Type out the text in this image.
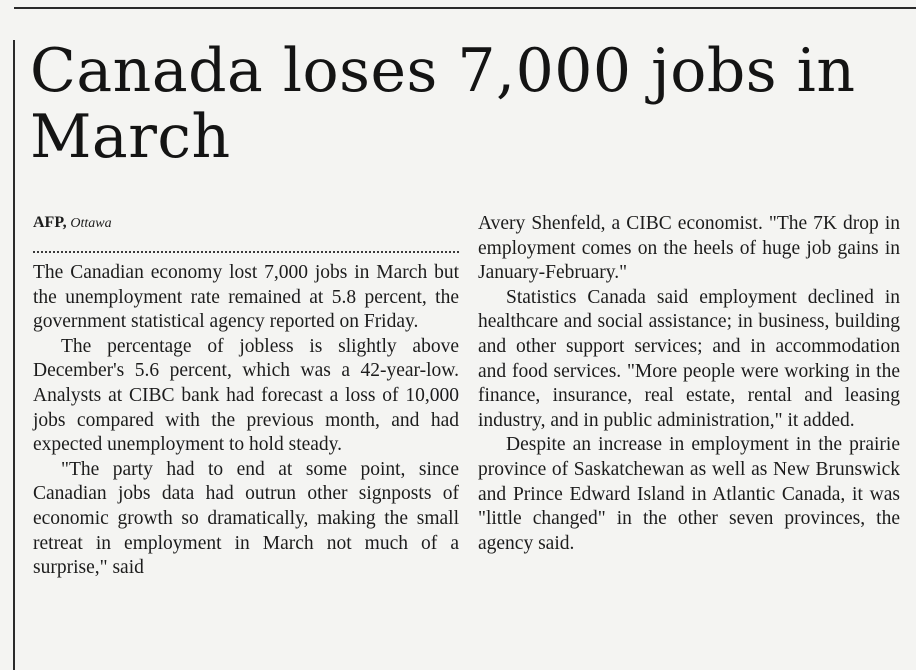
Canada loses 7,000 jobs in March
AFP, Ottawa

The Canadian economy lost 7,000 jobs in March but the unemployment rate remained at 5.8 percent, the government statistical agency reported on Friday.

The percentage of jobless is slightly above December's 5.6 percent, which was a 42-year-low. Analysts at CIBC bank had forecast a loss of 10,000 jobs compared with the previous month, and had expected unemployment to hold steady.

"The party had to end at some point, since Canadian jobs data had outrun other signposts of economic growth so dramatically, making the small retreat in employment in March not much of a surprise," said

Avery Shenfeld, a CIBC economist. "The 7K drop in employment comes on the heels of huge job gains in January-February."

Statistics Canada said employment declined in healthcare and social assistance; in business, building and other support services; and in accommodation and food services. "More people were working in the finance, insurance, real estate, rental and leasing industry, and in public administration," it added.

Despite an increase in employment in the prairie province of Saskatchewan as well as New Brunswick and Prince Edward Island in Atlantic Canada, it was "little changed" in the other seven provinces, the agency said.
